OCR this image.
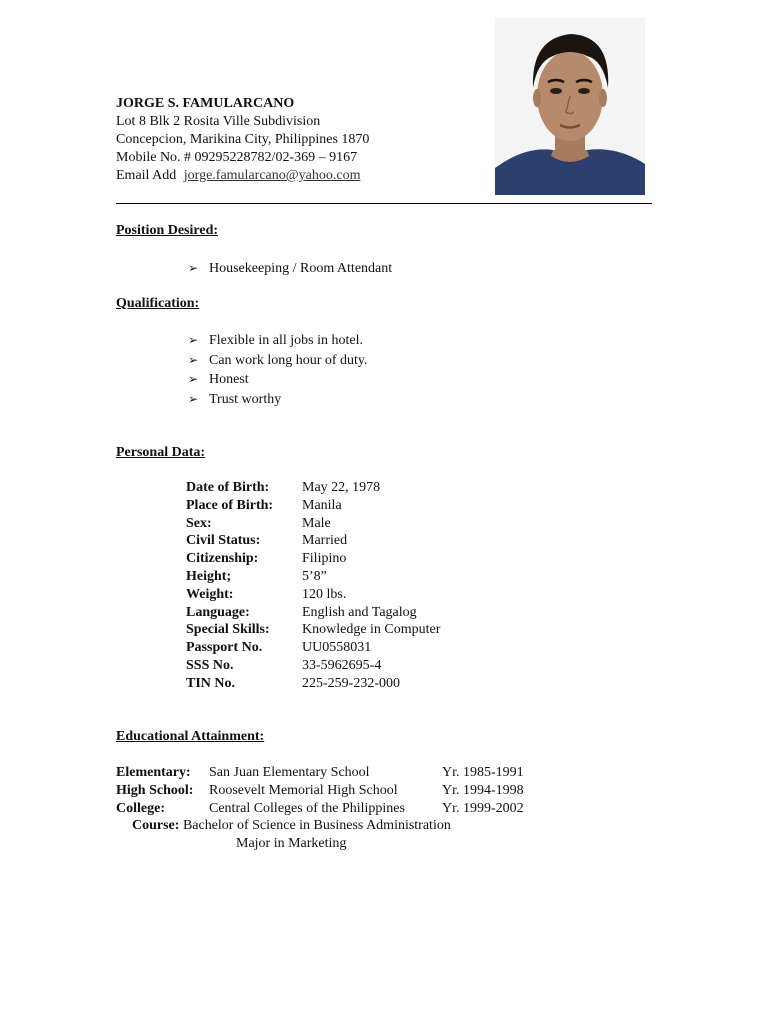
JORGE S. FAMULARCANO
Lot 8 Blk 2 Rosita Ville Subdivision
Concepcion, Marikina City, Philippines 1870
Mobile No. # 09295228782/02-369 – 9167
Email Add jorge.famularcano@yahoo.com
Position Desired:
➢ Housekeeping / Room Attendant
Qualification:
➢ Flexible in all jobs in hotel.
➢ Can work long hour of duty.
➢ Honest
➢ Trust worthy
Personal Data:
Date of Birth:	May 22, 1978
Place of Birth:	Manila
Sex:	Male
Civil Status:	Married
Citizenship:	Filipino
Height;	5’8”
Weight:	120 lbs.
Language:	English and Tagalog
Special Skills:	Knowledge in Computer
Passport No.	UU0558031
SSS No.	33-5962695-4
TIN No.	225-259-232-000
Educational Attainment:
Elementary:	San Juan Elementary School	Yr. 1985-1991
High School:	Roosevelt Memorial High School	Yr. 1994-1998
College:	Central Colleges of the Philippines	Yr. 1999-2002
Course: Bachelor of Science in Business Administration
Major in Marketing
